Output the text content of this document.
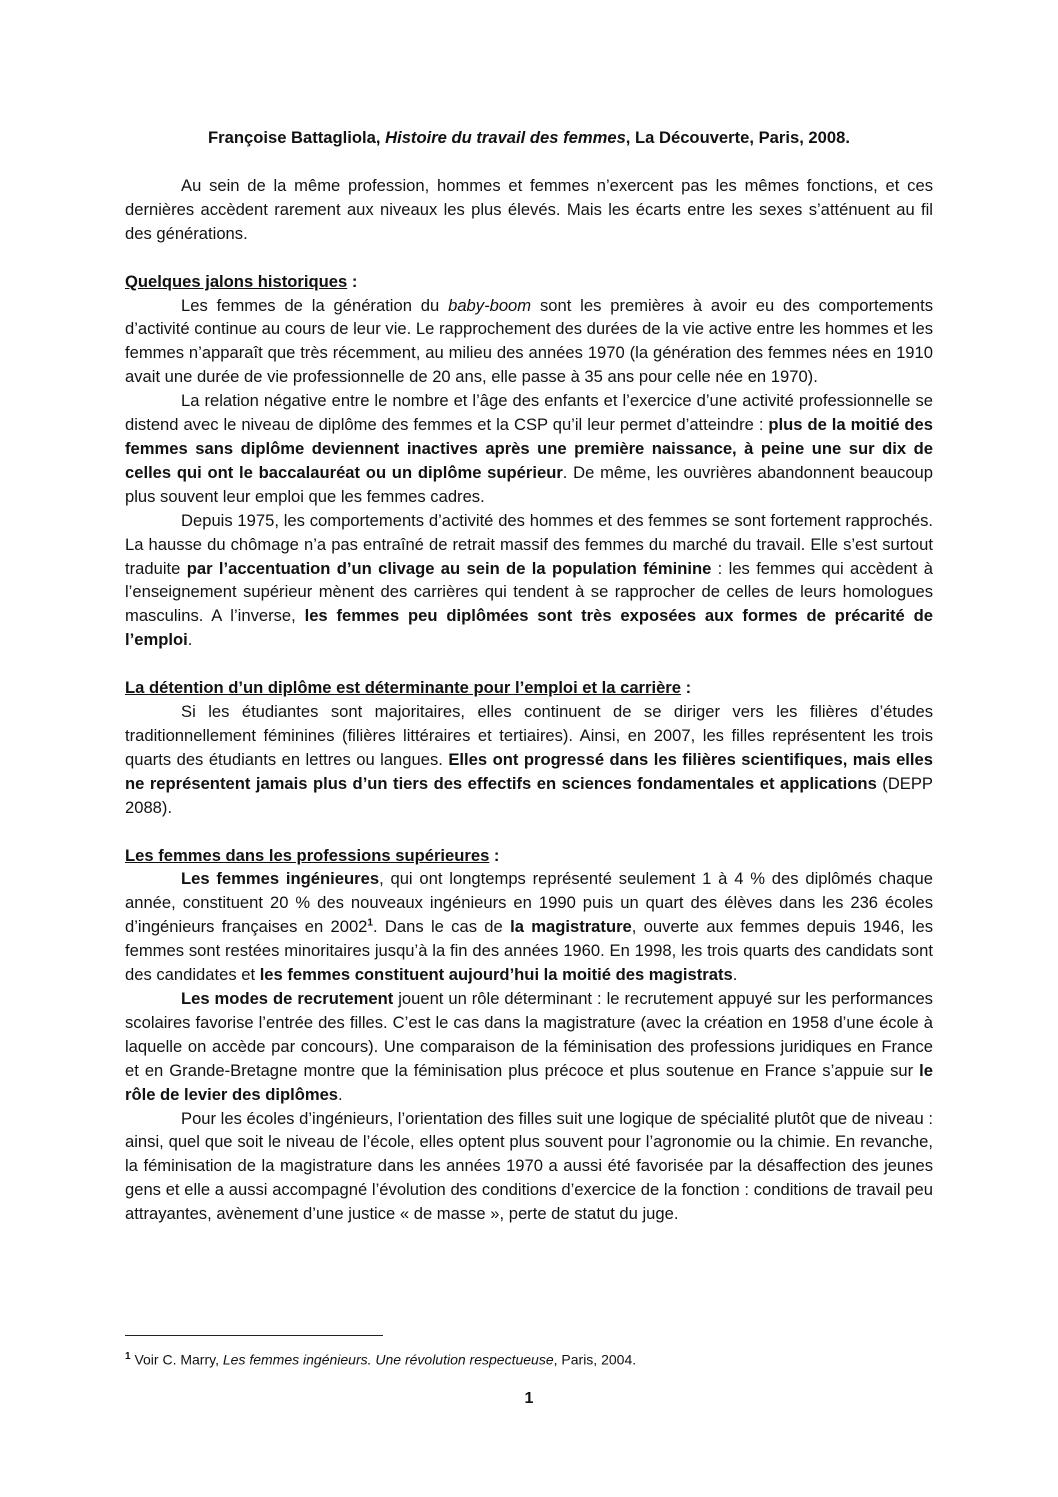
Françoise Battagliola, Histoire du travail des femmes, La Découverte, Paris, 2008.

Au sein de la même profession, hommes et femmes n’exercent pas les mêmes fonctions, et ces dernières accèdent rarement aux niveaux les plus élevés. Mais les écarts entre les sexes s’atténuent au fil des générations.

Quelques jalons historiques :

Les femmes de la génération du baby-boom sont les premières à avoir eu des comportements d’activité continue au cours de leur vie. Le rapprochement des durées de la vie active entre les hommes et les femmes n’apparaît que très récemment, au milieu des années 1970 (la génération des femmes nées en 1910 avait une durée de vie professionnelle de 20 ans, elle passe à 35 ans pour celle née en 1970).

La relation négative entre le nombre et l’âge des enfants et l’exercice d’une activité professionnelle se distend avec le niveau de diplôme des femmes et la CSP qu’il leur permet d’atteindre : plus de la moitié des femmes sans diplôme deviennent inactives après une première naissance, à peine une sur dix de celles qui ont le baccalauréat ou un diplôme supérieur. De même, les ouvrières abandonnent beaucoup plus souvent leur emploi que les femmes cadres.

Depuis 1975, les comportements d’activité des hommes et des femmes se sont fortement rapprochés. La hausse du chômage n’a pas entraîné de retrait massif des femmes du marché du travail. Elle s’est surtout traduite par l’accentuation d’un clivage au sein de la population féminine : les femmes qui accèdent à l’enseignement supérieur mènent des carrières qui tendent à se rapprocher de celles de leurs homologues masculins. A l’inverse, les femmes peu diplômées sont très exposées aux formes de précarité de l’emploi.

La détention d’un diplôme est déterminante pour l’emploi et la carrière :

Si les étudiantes sont majoritaires, elles continuent de se diriger vers les filières d’études traditionnellement féminines (filières littéraires et tertiaires). Ainsi, en 2007, les filles représentent les trois quarts des étudiants en lettres ou langues. Elles ont progressé dans les filières scientifiques, mais elles ne représentent jamais plus d’un tiers des effectifs en sciences fondamentales et applications (DEPP 2088).

Les femmes dans les professions supérieures :

Les femmes ingénieures, qui ont longtemps représenté seulement 1 à 4 % des diplômés chaque année, constituent 20 % des nouveaux ingénieurs en 1990 puis un quart des élèves dans les 236 écoles d’ingénieurs françaises en 2002$^1$. Dans le cas de la magistrature, ouverte aux femmes depuis 1946, les femmes sont restées minoritaires jusqu’à la fin des années 1960. En 1998, les trois quarts des candidats sont des candidates et les femmes constituent aujourd’hui la moitié des magistrats.

Les modes de recrutement jouent un rôle déterminant : le recrutement appuyé sur les performances scolaires favorise l’entrée des filles. C’est le cas dans la magistrature (avec la création en 1958 d’une école à laquelle on accède par concours). Une comparaison de la féminisation des professions juridiques en France et en Grande-Bretagne montre que la féminisation plus précoce et plus soutenue en France s’appuie sur le rôle de levier des diplômes.

Pour les écoles d’ingénieurs, l’orientation des filles suit une logique de spécialité plutôt que de niveau : ainsi, quel que soit le niveau de l’école, elles optent plus souvent pour l’agronomie ou la chimie. En revanche, la féminisation de la magistrature dans les années 1970 a aussi été favorisée par la désaffection des jeunes gens et elle a aussi accompagné l’évolution des conditions d’exercice de la fonction : conditions de travail peu attrayantes, avènement d’une justice « de masse », perte de statut du juge.

$^1$ Voir C. Marry, Les femmes ingénieurs. Une révolution respectueuse, Paris, 2004.
1
